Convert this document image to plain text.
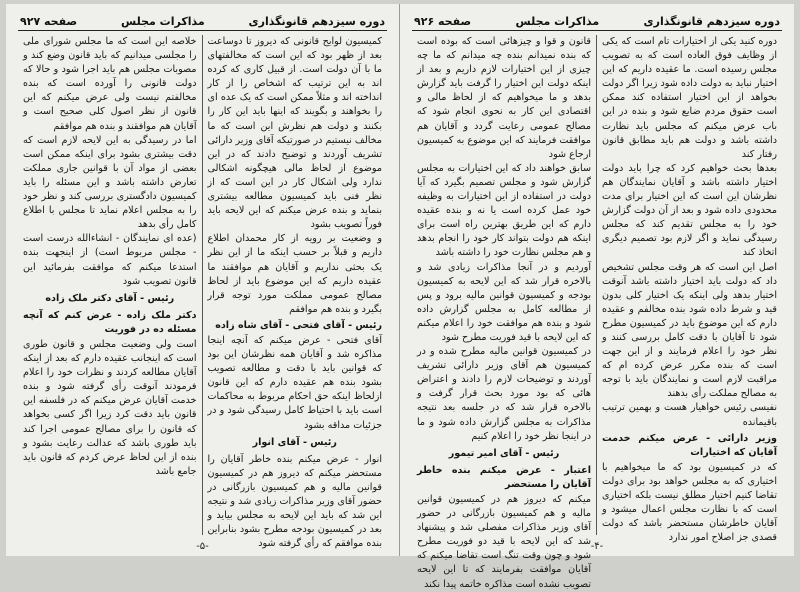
دوره سیزدهم قانونگذاری
مذاکرات مجلس
صفحه ۹۲۷

کمیسیون لوایح قانونی که دیروز تا دوساعت بعد از ظهر بود که این است که مخالفتهای ما با آن دولت است. از قبیل کاری که کرده اند به این ترتیب که اشخاص را از کار انداخته اند و مثلاً ممکن است که یک عده ای را بخواهند و بگویند که اینها باید این کار را بکنند و دولت هم نظرش این است که ما مخالف نیستیم در صورتیکه آقای وزیر دارائی تشریف آوردند و توضیح دادند که در این موضوع از لحاظ مالی هیچگونه اشکالی ندارد ولی اشکال کار در این است که از نظر فنی باید کمیسیون مطالعه بیشتری بنماید و بنده عرض میکنم که این لایحه باید فوراً تصویب بشود

و وضعیت بر رویه از کار محمدان اطلاع داریم و قبلاً بر حسب اینکه ما از این نظر یک بحثی نداریم و آقایان هم موافقند ما عقیده داریم که این موضوع باید از لحاظ مصالح عمومی مملکت مورد توجه قرار بگیرد و بنده هم موافقم

رئیس - آقای فتحی - آقای شاه زاده

آقای فتحی - عرض میکنم که آنچه اینجا مذاکره شد و آقایان همه نظرشان این بود که قوانین باید با دقت و مطالعه تصویب بشود بنده هم عقیده دارم که این قانون ازلحاظ اینکه حق احکام مربوط به محاکمات است باید با احتیاط کامل رسیدگی شود و در جزئیات مداقه بشود

رئیس - آقای انوار

انوار - عرض میکنم بنده خاطر آقایان را مستحضر میکنم که دیروز هم در کمیسیون قوانین مالیه و هم کمیسیون بازرگانی در حضور آقای وزیر مذاکرات زیادی شد و نتیجه این شد که باید این لایحه به مجلس بیاید و بعد در کمیسیون بودجه مطرح بشود بنابراین بنده موافقم که رأی گرفته شود

خلاصه این است که ما مجلس شورای ملی را مجلسی میدانیم که باید قانون وضع کند و مصوبات مجلس هم باید اجرا شود و حالا که دولت قانونی را آورده است که بنده مخالفتم نیست ولی عرض میکنم که این قانون از نظر اصول کلی صحیح است و آقایان هم موافقند و بنده هم موافقم

اما در رسیدگی به این لایحه لازم است که دقت بیشتری بشود برای اینکه ممکن است بعضی از مواد آن با قوانین جاری مملکت تعارض داشته باشد و این مسئله را باید کمیسیون دادگستری بررسی کند و نظر خود را به مجلس اعلام نماید تا مجلس با اطلاع کامل رأی بدهد

(عده ای نمایندگان - انشاءالله درست است - مجلس مربوط است) از اینجهت بنده استدعا میکنم که موافقت بفرمائید این قانون تصویب شود

رئیس - آقای دکتر ملک زاده

دکتر ملک زاده - عرض کنم که آنچه مسئله ده در فوریت

است ولی وضعیت مجلس و قانون طوری است که اینجانب عقیده دارم که بعد از اینکه آقایان مطالعه کردند و نظرات خود را اعلام فرمودند آنوقت رأی گرفته شود و بنده خدمت آقایان عرض میکنم که در فلسفه این قانون باید دقت کرد زیرا اگر کسی بخواهد که قانون را برای مصالح عمومی اجرا کند باید طوری باشد که عدالت رعایت بشود و بنده از این لحاظ عرض کردم که قانون باید جامع باشد

-۵-
دوره سیزدهم قانونگذاری
مذاکرات مجلس
صفحه ۹۲۶

دوره کنید یکی از اختیارات تام است که یکی از وظایف فوق العاده است که به تصویب مجلس رسیده است. ما عقیده داریم که این اختیار نباید به دولت داده شود زیرا اگر دولت بخواهد از این اختیار استفاده کند ممکن است حقوق مردم ضایع شود و بنده در این باب عرض میکنم که مجلس باید نظارت داشته باشد و دولت هم باید مطابق قانون رفتار کند

بعدها بحث خواهیم کرد که چرا باید دولت اختیار داشته باشد و آقایان نمایندگان هم نظرشان این است که این اختیار برای مدت محدودی داده شود و بعد از آن دولت گزارش خود را به مجلس تقدیم کند که مجلس رسیدگی نماید و اگر لازم بود تصمیم دیگری اتخاذ کند

اصل این است که هر وقت مجلس تشخیص داد که دولت باید اختیار داشته باشد آنوقت اختیار بدهد ولی اینکه یک اختیار کلی بدون قید و شرط داده شود بنده مخالفم و عقیده دارم که این موضوع باید در کمیسیون مطرح شود تا آقایان با دقت کامل بررسی کنند و نظر خود را اعلام فرمایند و از این جهت است که بنده مکرر عرض کرده ام که مراقبت لازم است و نمایندگان باید با توجه به مصالح مملکت رأی بدهند

نفیسی رئیس خواهیار هست و بهمین ترتیب باقیمانده

وزیر دارائی - عرض میکنم خدمت آقایان که اختیارات

که در کمیسیون بود که ما میخواهیم با اختیاری که به مجلس خواهد بود برای دولت تقاضا کنیم اختیار مطلق نیست بلکه اختیاری است که با نظارت مجلس اعمال میشود و آقایان خاطرشان مستحضر باشد که دولت قصدی جز اصلاح امور ندارد

قانون و قوا و چیزهائی است که بوده است که بنده نمیدانم بنده چه میدانم که ما چه چیزی از این اختیارات لازم داریم و بعد از اینکه دولت این اختیار را گرفت باید گزارش بدهد و ما میخواهیم که از لحاظ مالی و اقتصادی این کار به نحوی انجام شود که مصالح عمومی رعایت گردد و آقایان هم موافقت فرمایند که این موضوع به کمیسیون ارجاع شود

سابق خواهند داد که این اختیارات به مجلس گزارش شود و مجلس تصمیم بگیرد که آیا دولت در استفاده از این اختیارات به وظیفه خود عمل کرده است یا نه و بنده عقیده دارم که این طریق بهترین راه است برای اینکه هم دولت بتواند کار خود را انجام بدهد و هم مجلس نظارت خود را داشته باشد

آوردیم و در آنجا مذاکرات زیادی شد و بالاخره قرار شد که این لایحه به کمیسیون بودجه و کمیسیون قوانین مالیه برود و پس از مطالعه کامل به مجلس گزارش داده شود و بنده هم موافقت خود را اعلام میکنم که این لایحه با قید فوریت مطرح شود

در کمیسیون قوانین مالیه مطرح شده و در کمیسیون هم آقای وزیر دارائی تشریف آوردند و توضیحات لازم را دادند و اعتراض هائی که بود مورد بحث قرار گرفت و بالاخره قرار شد که در جلسه بعد نتیجه مذاکرات به مجلس گزارش داده شود و ما در اینجا نظر خود را اعلام کنیم

رئیس - آقای امیر تیمور

اعتبار - عرض میکنم بنده خاطر آقایان را مستحضر

میکنم که دیروز هم در کمیسیون قوانین مالیه و هم کمیسیون بازرگانی در حضور آقای وزیر مذاکرات مفصلی شد و پیشنهاد شد که این لایحه با قید دو فوریت مطرح شود و چون وقت تنگ است تقاضا میکنم که آقایان موافقت بفرمایند که تا این لایحه تصویب نشده است مذاکره خاتمه پیدا نکند

-۴-
